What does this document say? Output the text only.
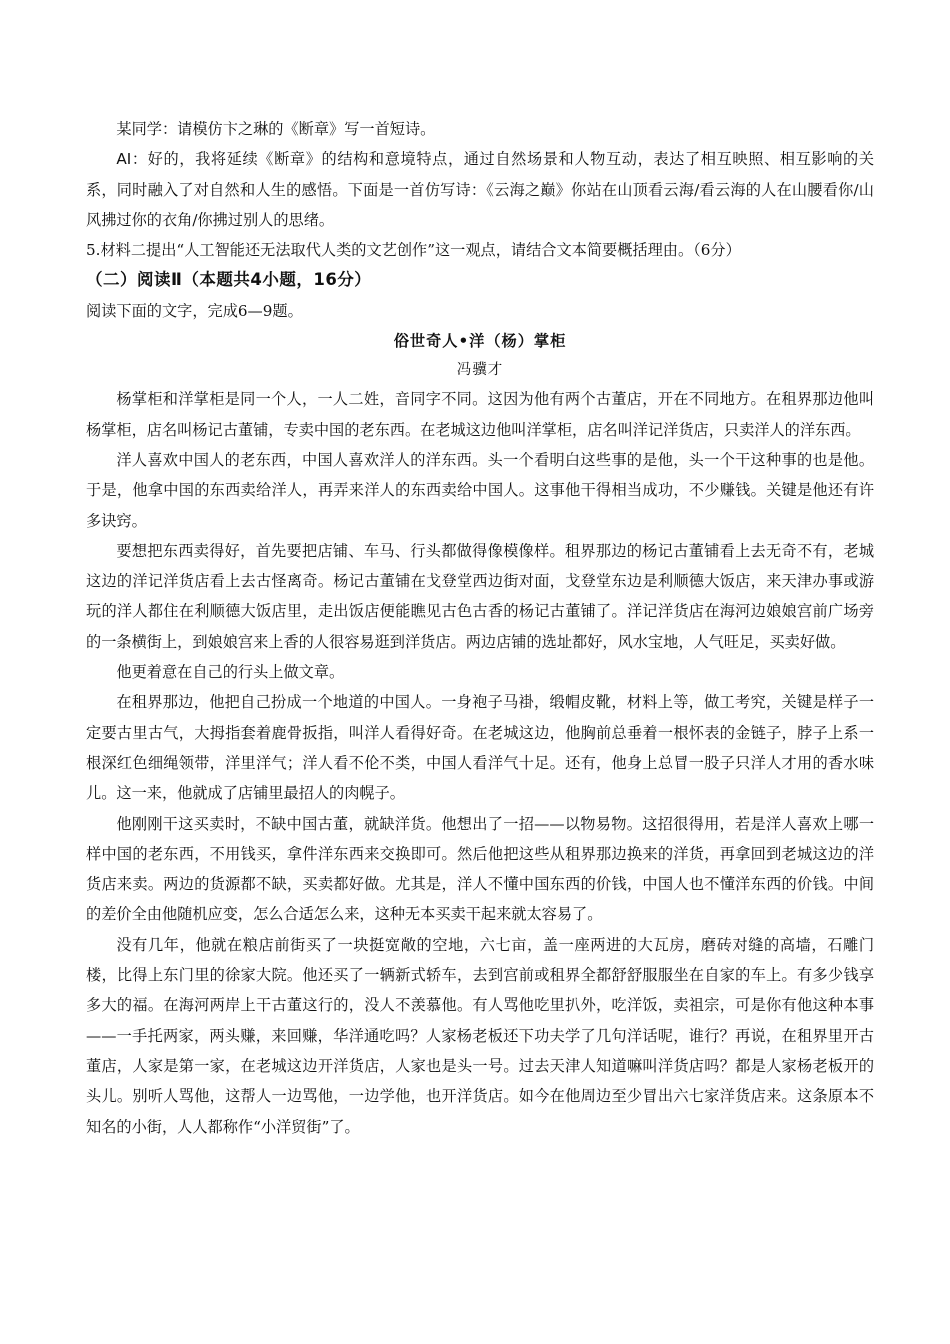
某同学：请模仿卞之琳的《断章》写一首短诗。

AI：好的，我将延续《断章》的结构和意境特点，通过自然场景和人物互动，表达了相互映照、相互影响的关系，同时融入了对自然和人生的感悟。下面是一首仿写诗：《云海之巅》你站在山顶看云海/看云海的人在山腰看你/山风拂过你的衣角/你拂过别人的思绪。

5.材料二提出“人工智能还无法取代人类的文艺创作”这一观点，请结合文本简要概括理由。（6分）

（二）阅读Ⅱ（本题共4小题，16分）

阅读下面的文字，完成6—9题。

俗世奇人•洋（杨）掌柜
冯骥才

杨掌柜和洋掌柜是同一个人，一人二姓，音同字不同。这因为他有两个古董店，开在不同地方。在租界那边他叫杨掌柜，店名叫杨记古董铺，专卖中国的老东西。在老城这边他叫洋掌柜，店名叫洋记洋货店，只卖洋人的洋东西。

洋人喜欢中国人的老东西，中国人喜欢洋人的洋东西。头一个看明白这些事的是他，头一个干这种事的也是他。于是，他拿中国的东西卖给洋人，再弄来洋人的东西卖给中国人。这事他干得相当成功，不少赚钱。关键是他还有许多诀窍。

要想把东西卖得好，首先要把店铺、车马、行头都做得像模像样。租界那边的杨记古董铺看上去无奇不有，老城这边的洋记洋货店看上去古怪离奇。杨记古董铺在戈登堂西边街对面，戈登堂东边是利顺德大饭店，来天津办事或游玩的洋人都住在利顺德大饭店里，走出饭店便能瞧见古色古香的杨记古董铺了。洋记洋货店在海河边娘娘宫前广场旁的一条横街上，到娘娘宫来上香的人很容易逛到洋货店。两边店铺的选址都好，风水宝地，人气旺足，买卖好做。

他更着意在自己的行头上做文章。

在租界那边，他把自己扮成一个地道的中国人。一身袍子马褂，缎帽皮靴，材料上等，做工考究，关键是样子一定要古里古气，大拇指套着鹿骨扳指，叫洋人看得好奇。在老城这边，他胸前总垂着一根怀表的金链子，脖子上系一根深红色细绳领带，洋里洋气；洋人看不伦不类，中国人看洋气十足。还有，他身上总冒一股子只洋人才用的香水味儿。这一来，他就成了店铺里最招人的肉幌子。

他刚刚干这买卖时，不缺中国古董，就缺洋货。他想出了一招——以物易物。这招很得用，若是洋人喜欢上哪一样中国的老东西，不用钱买，拿件洋东西来交换即可。然后他把这些从租界那边换来的洋货，再拿回到老城这边的洋货店来卖。两边的货源都不缺，买卖都好做。尤其是，洋人不懂中国东西的价钱，中国人也不懂洋东西的价钱。中间的差价全由他随机应变，怎么合适怎么来，这种无本买卖干起来就太容易了。

没有几年，他就在粮店前街买了一块挺宽敞的空地，六七亩，盖一座两进的大瓦房，磨砖对缝的高墙，石雕门楼，比得上东门里的徐家大院。他还买了一辆新式轿车，去到宫前或租界全都舒舒服服坐在自家的车上。有多少钱享多大的福。在海河两岸上干古董这行的，没人不羡慕他。有人骂他吃里扒外，吃洋饭，卖祖宗，可是你有他这种本事——一手托两家，两头赚，来回赚，华洋通吃吗？人家杨老板还下功夫学了几句洋话呢，谁行？再说，在租界里开古董店，人家是第一家，在老城这边开洋货店，人家也是头一号。过去天津人知道嘛叫洋货店吗？都是人家杨老板开的头儿。别听人骂他，这帮人一边骂他，一边学他，也开洋货店。如今在他周边至少冒出六七家洋货店来。这条原本不知名的小街，人人都称作“小洋贸街”了。
